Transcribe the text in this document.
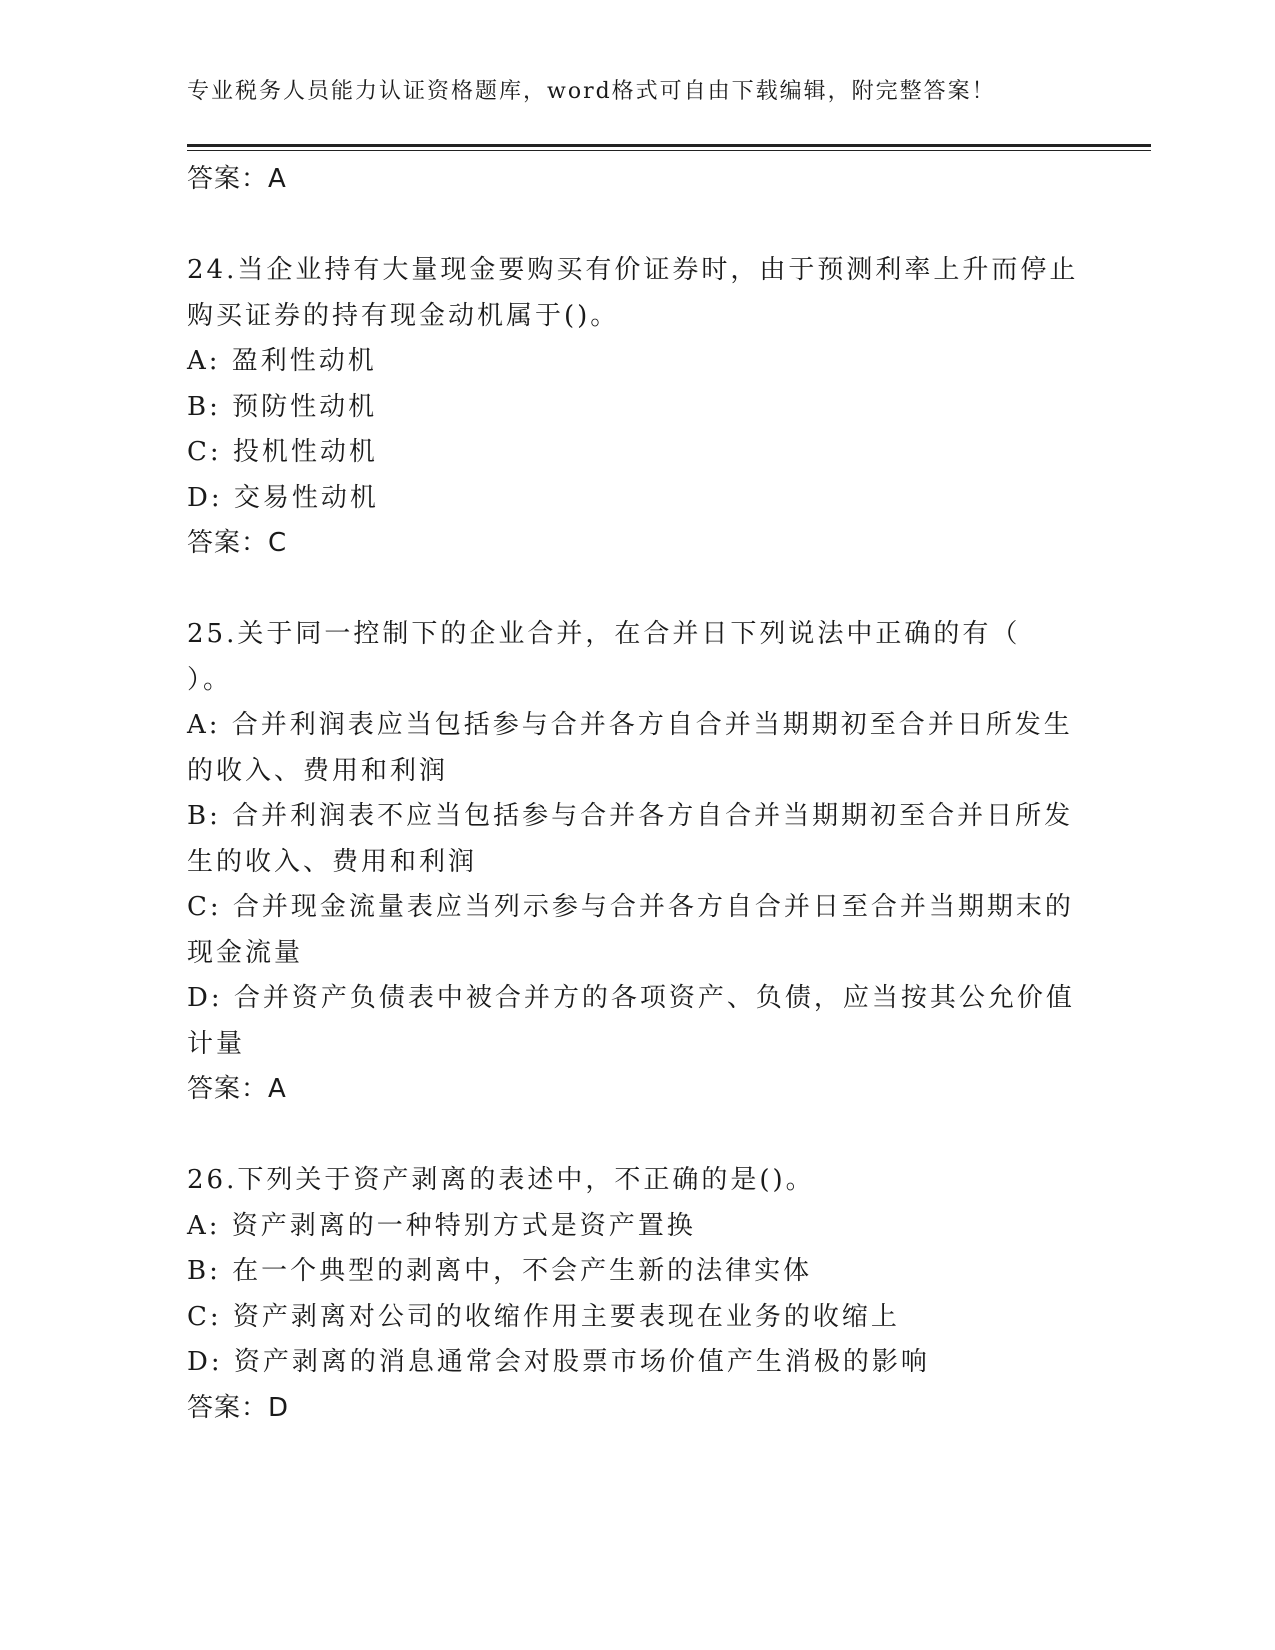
专业税务人员能力认证资格题库，word格式可自由下载编辑，附完整答案！
答案：A
24.当企业持有大量现金要购买有价证券时，由于预测利率上升而停止
购买证券的持有现金动机属于()。
A: 盈利性动机
B: 预防性动机
C: 投机性动机
D: 交易性动机
答案：C
25.关于同一控制下的企业合并，在合并日下列说法中正确的有（
）。
A: 合并利润表应当包括参与合并各方自合并当期期初至合并日所发生
的收入、费用和利润
B: 合并利润表不应当包括参与合并各方自合并当期期初至合并日所发
生的收入、费用和利润
C: 合并现金流量表应当列示参与合并各方自合并日至合并当期期末的
现金流量
D: 合并资产负债表中被合并方的各项资产、负债，应当按其公允价值
计量
答案：A
26.下列关于资产剥离的表述中，不正确的是()。
A: 资产剥离的一种特别方式是资产置换
B: 在一个典型的剥离中，不会产生新的法律实体
C: 资产剥离对公司的收缩作用主要表现在业务的收缩上
D: 资产剥离的消息通常会对股票市场价值产生消极的影响
答案：D
